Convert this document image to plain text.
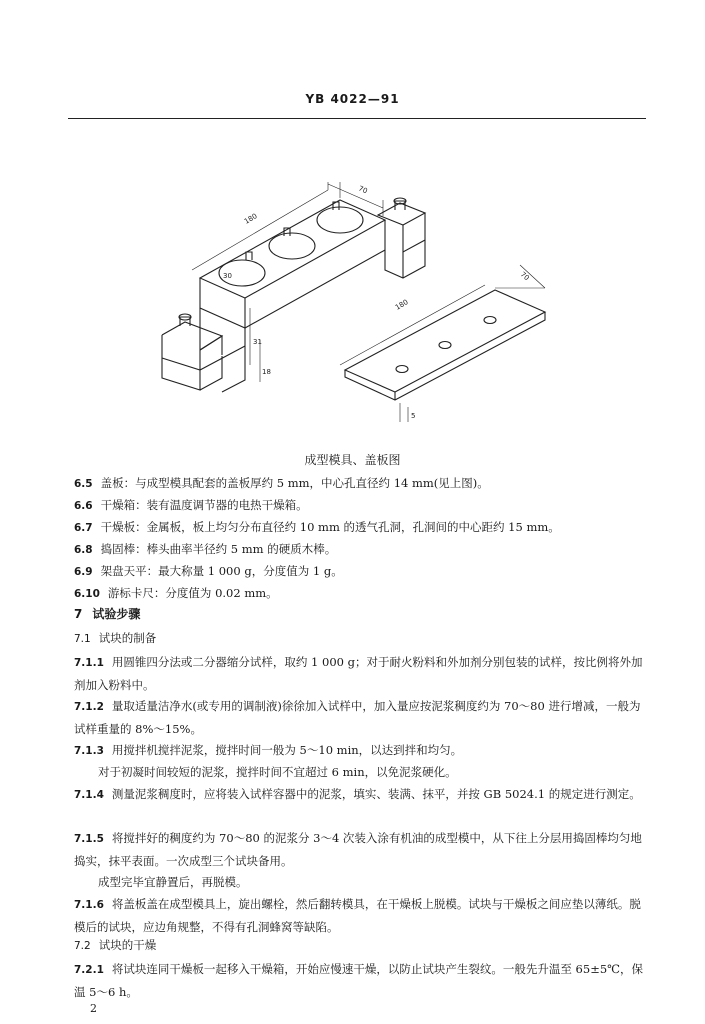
YB 4022—91
180
70
30
31
18
180
70
5
成型模具、盖板图
6.5 盖板：与成型模具配套的盖板厚约 5 mm，中心孔直径约 14 mm(见上图)。
6.6 干燥箱：装有温度调节器的电热干燥箱。
6.7 干燥板：金属板，板上均匀分布直径约 10 mm 的透气孔洞，孔洞间的中心距约 15 mm。
6.8 捣固棒：棒头曲率半径约 5 mm 的硬质木棒。
6.9 架盘天平：最大称量 1 000 g，分度值为 1 g。
6.10 游标卡尺：分度值为 0.02 mm。
7 试验步骤
7.1 试块的制备
7.1.1 用圆锥四分法或二分器缩分试样，取约 1 000 g；对于耐火粉料和外加剂分别包装的试样，按比例将外加剂加入粉料中。
7.1.2 量取适量洁净水(或专用的调制液)徐徐加入试样中，加入量应按泥浆稠度约为 70～80 进行增减，一般为试样重量的 8%～15%。
7.1.3 用搅拌机搅拌泥浆，搅拌时间一般为 5～10 min，以达到拌和均匀。
对于初凝时间较短的泥浆，搅拌时间不宜超过 6 min，以免泥浆硬化。
7.1.4 测量泥浆稠度时，应将装入试样容器中的泥浆，填实、装满、抹平，并按 GB 5024.1 的规定进行测定。
7.1.5 将搅拌好的稠度约为 70～80 的泥浆分 3～4 次装入涂有机油的成型模中，从下往上分层用捣固棒均匀地捣实，抹平表面。一次成型三个试块备用。
成型完毕宜静置后，再脱模。
7.1.6 将盖板盖在成型模具上，旋出螺栓，然后翻转模具，在干燥板上脱模。试块与干燥板之间应垫以薄纸。脱模后的试块，应边角规整，不得有孔洞蜂窝等缺陷。
7.2 试块的干燥
7.2.1 将试块连同干燥板一起移入干燥箱，开始应慢速干燥，以防止试块产生裂纹。一般先升温至 65±5℃，保温 5～6 h。
2
